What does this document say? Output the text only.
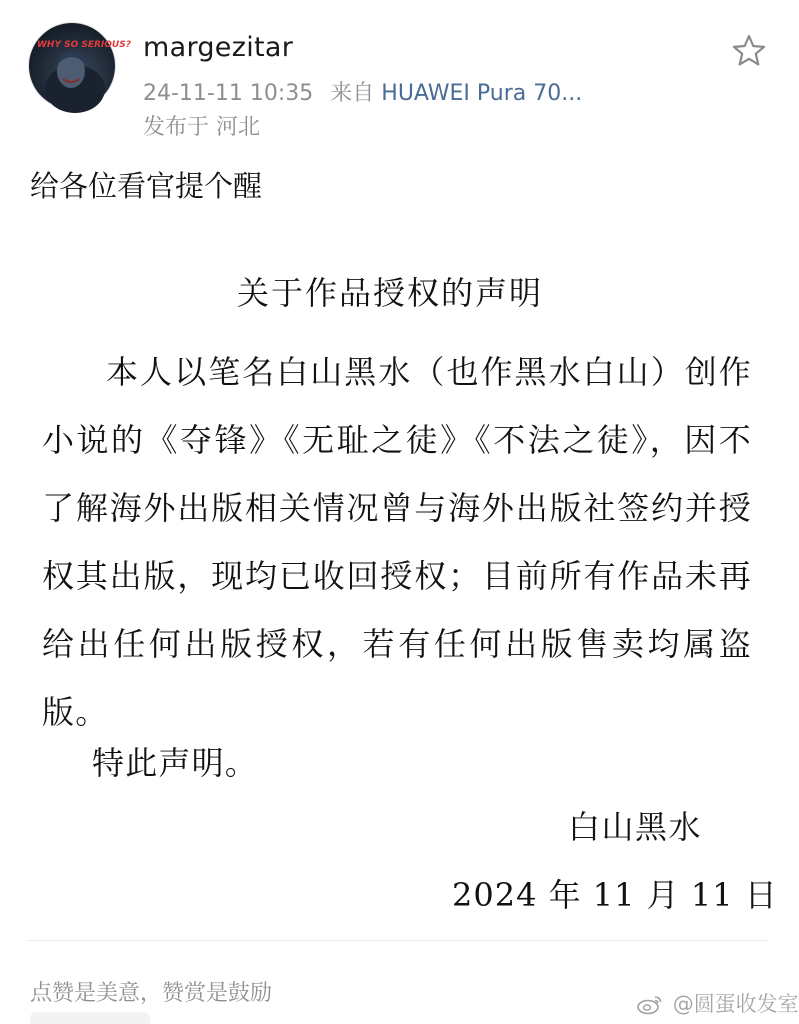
WHY SO SERIOUS? margezitar
24-11-11 10:35 来自 HUAWEI Pura 70...
发布于 河北
给各位看官提个醒
关于作品授权的声明
本人以笔名白山黑水（也作黑水白山）创作小说的《夺锋》《无耻之徒》《不法之徒》，因不了解海外出版相关情况曾与海外出版社签约并授权其出版，现均已收回授权；目前所有作品未再给出任何出版授权，若有任何出版售卖均属盗版。
特此声明。
白山黑水
2024 年 11 月 11 日
点赞是美意，赞赏是鼓励	@圆蛋收发室
